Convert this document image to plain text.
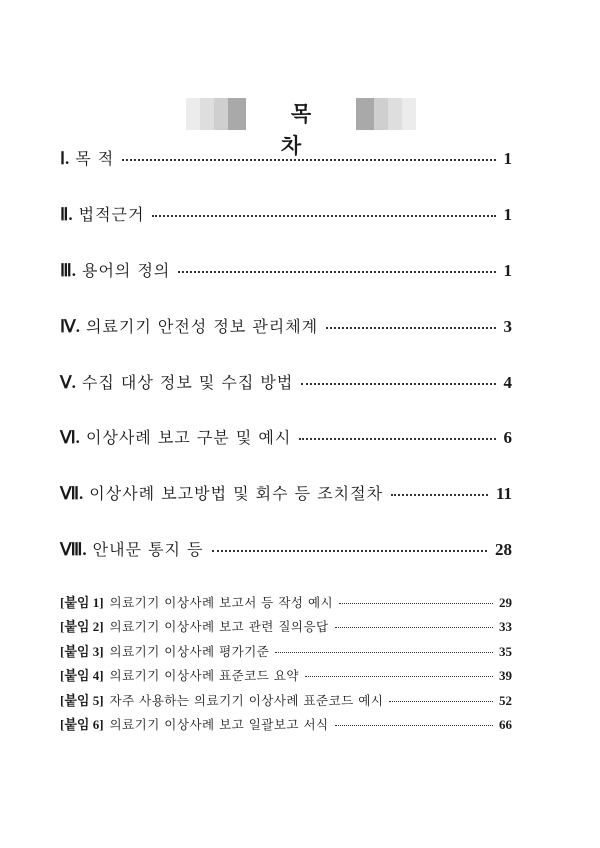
목 차
Ⅰ. 목 적	1
Ⅱ. 법적근거	1
Ⅲ. 용어의 정의	1
Ⅳ. 의료기기 안전성 정보 관리체계	3
Ⅴ. 수집 대상 정보 및 수집 방법	4
Ⅵ. 이상사례 보고 구분 및 예시	6
Ⅶ. 이상사례 보고방법 및 회수 등 조치절차	11
Ⅷ. 안내문 통지 등	28
[붙임 1] 의료기기 이상사례 보고서 등 작성 예시	29
[붙임 2] 의료기기 이상사례 보고 관련 질의응답	33
[붙임 3] 의료기기 이상사례 평가기준	35
[붙임 4] 의료기기 이상사례 표준코드 요약	39
[붙임 5] 자주 사용하는 의료기기 이상사례 표준코드 예시	52
[붙임 6] 의료기기 이상사례 보고 일괄보고 서식	66
